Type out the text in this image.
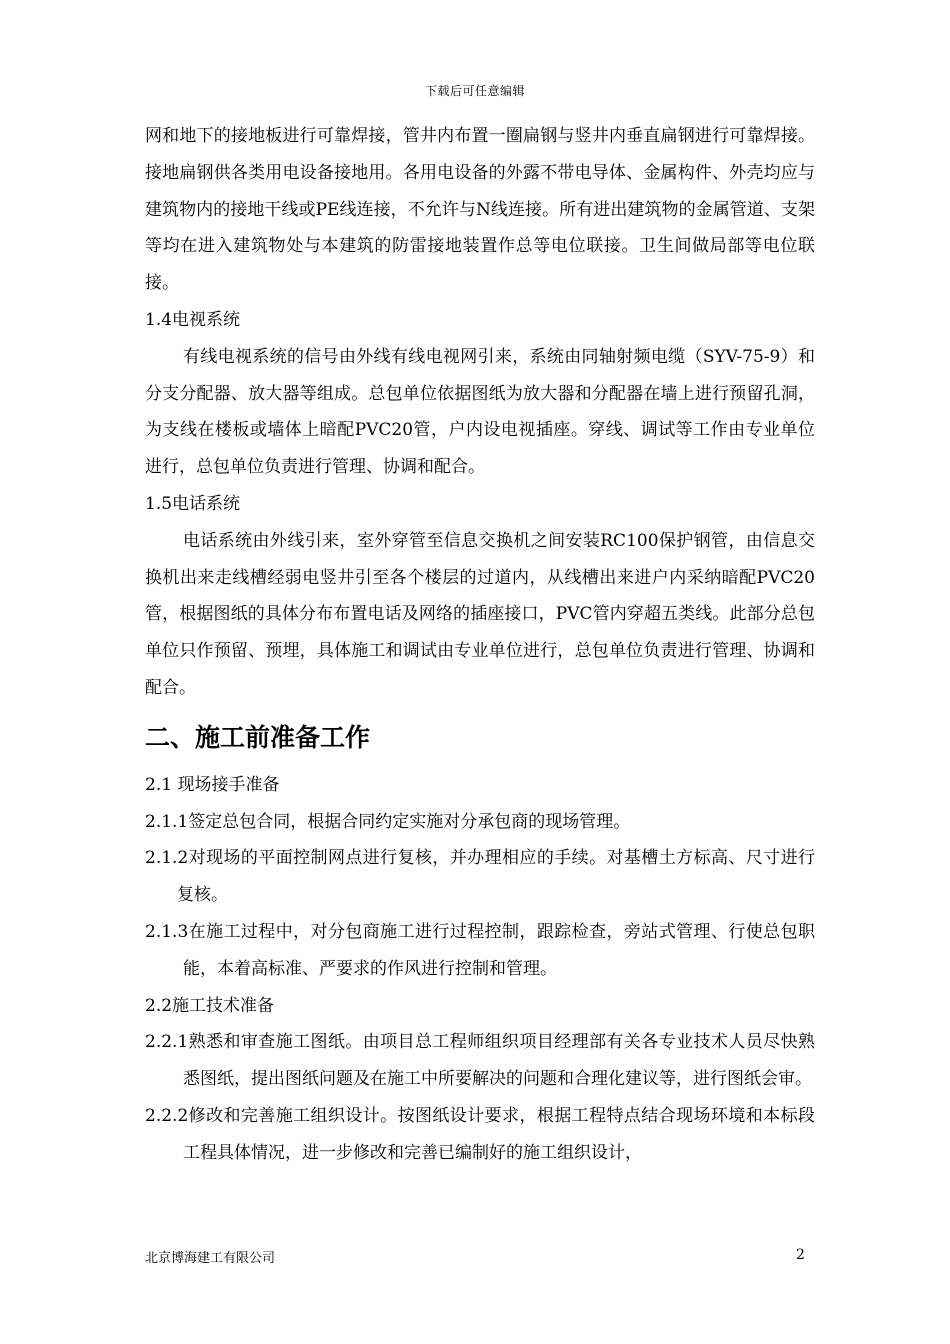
下载后可任意编辑

网和地下的接地板进行可靠焊接，管井内布置一圈扁钢与竖井内垂直扁钢进行可靠焊接。接地扁钢供各类用电设备接地用。各用电设备的外露不带电导体、金属构件、外壳均应与建筑物内的接地干线或PE线连接，不允许与N线连接。所有进出建筑物的金属管道、支架等均在进入建筑物处与本建筑的防雷接地装置作总等电位联接。卫生间做局部等电位联接。

1.4电视系统

有线电视系统的信号由外线有线电视网引来，系统由同轴射频电缆（SYV-75-9）和分支分配器、放大器等组成。总包单位依据图纸为放大器和分配器在墙上进行预留孔洞，为支线在楼板或墙体上暗配PVC20管，户内设电视插座。穿线、调试等工作由专业单位进行，总包单位负责进行管理、协调和配合。

1.5电话系统

电话系统由外线引来，室外穿管至信息交换机之间安装RC100保护钢管，由信息交换机出来走线槽经弱电竖井引至各个楼层的过道内，从线槽出来进户内采纳暗配PVC20管，根据图纸的具体分布布置电话及网络的插座接口，PVC管内穿超五类线。此部分总包单位只作预留、预埋，具体施工和调试由专业单位进行，总包单位负责进行管理、协调和配合。

二、施工前准备工作

2.1 现场接手准备

2.1.1签定总包合同，根据合同约定实施对分承包商的现场管理。

2.1.2对现场的平面控制网点进行复核，并办理相应的手续。对基槽土方标高、尺寸进行复核。

2.1.3在施工过程中，对分包商施工进行过程控制，跟踪检查，旁站式管理、行使总包职能，本着高标准、严要求的作风进行控制和管理。

2.2施工技术准备

2.2.1熟悉和审查施工图纸。由项目总工程师组织项目经理部有关各专业技术人员尽快熟悉图纸，提出图纸问题及在施工中所要解决的问题和合理化建议等，进行图纸会审。

2.2.2修改和完善施工组织设计。按图纸设计要求，根据工程特点结合现场环境和本标段工程具体情况，进一步修改和完善已编制好的施工组织设计，

北京博海建工有限公司	2
